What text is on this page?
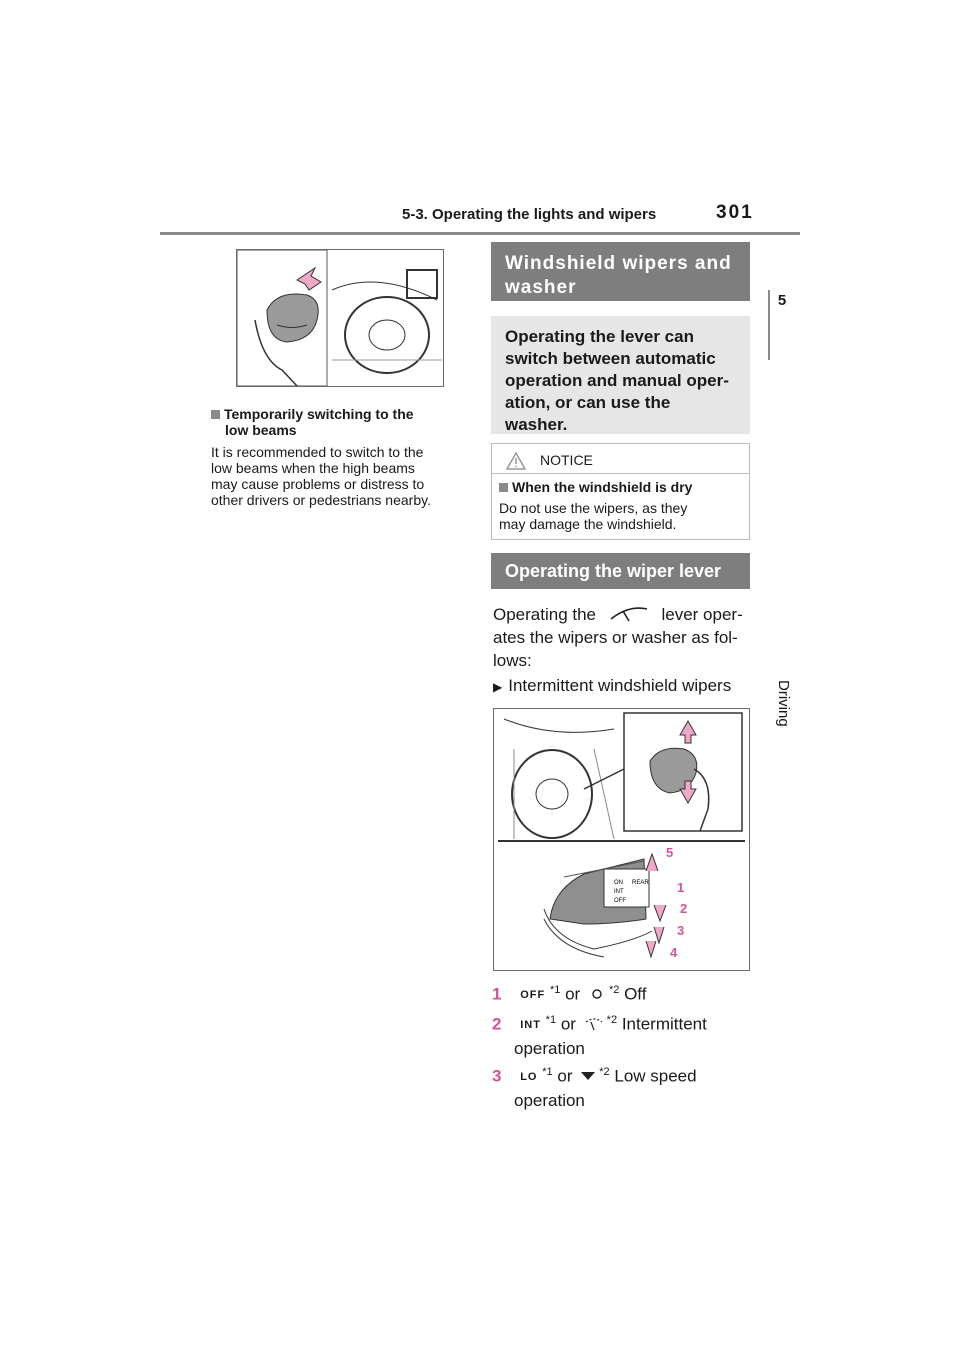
5-3. Operating the lights and wipers	301
5
Driving
Temporarily switching to the
low beams
It is recommended to switch to the
low beams when the high beams
may cause problems or distress to
other drivers or pedestrians nearby.
Windshield wipers and
washer
Operating the lever can
switch between automatic
operation and manual oper-
ation, or can use the
washer.
NOTICE
When the windshield is dry
Do not use the wipers, as they
may damage the windshield.
Operating the wiper lever
Operating the	lever oper-
ates the wipers or washer as fol-
lows:
▶ Intermittent windshield wipers
ON
INT
OFF
REAR
5
1
2
3
4
1 OFF $^{*1}$ or	$^{*2}$ Off
2 INT $^{*1}$ or	$^{*2}$ Intermittent
operation
3 LO $^{*1}$ or $^{*2}$ Low speed
operation
